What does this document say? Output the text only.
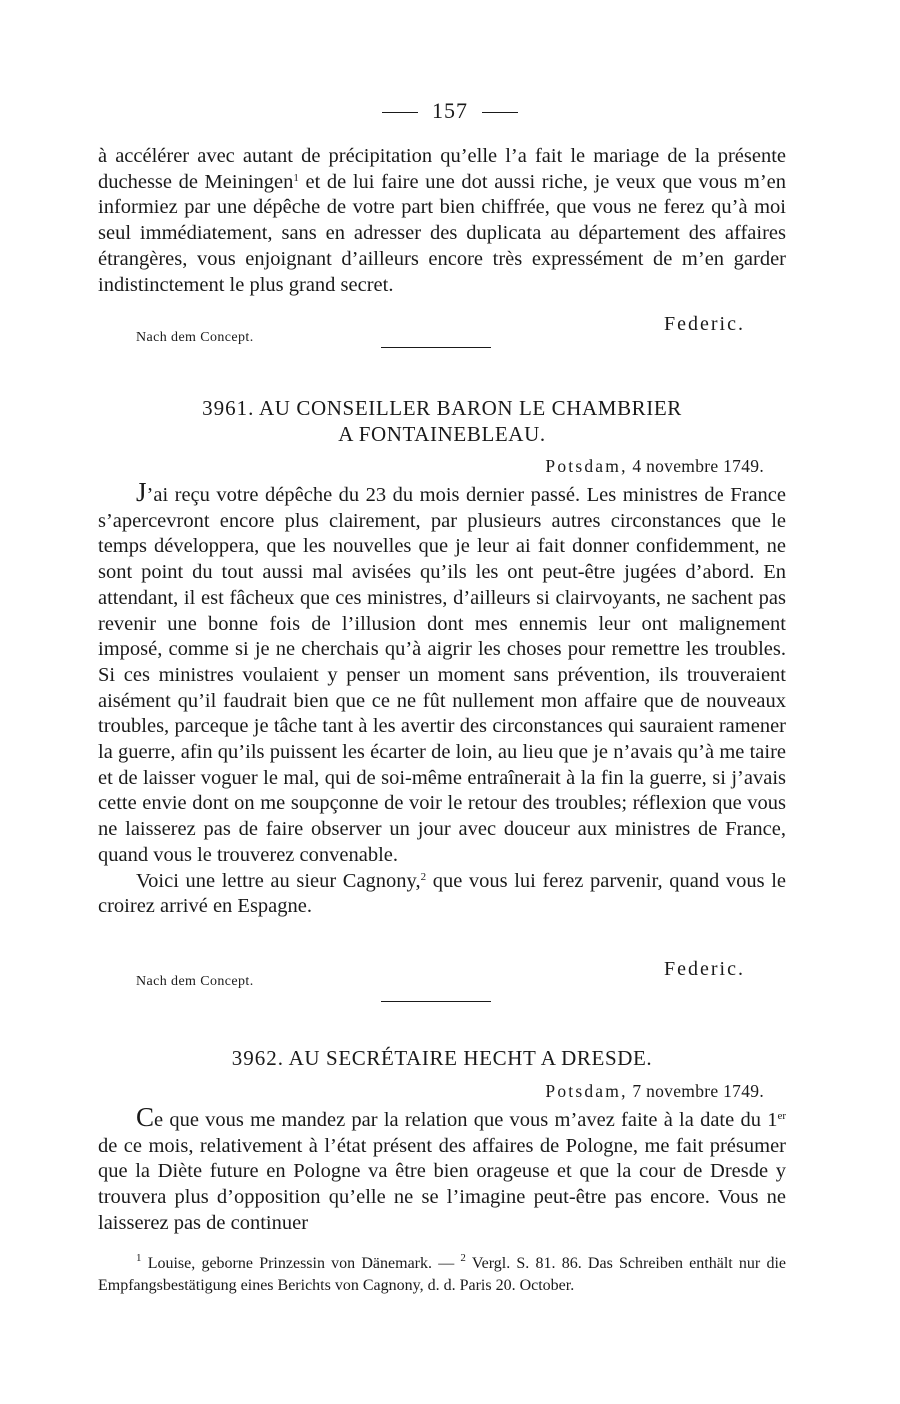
157

à accélérer avec autant de précipitation qu’elle l’a fait le mariage de la présente duchesse de Meiningen$^1$ et de lui faire une dot aussi riche, je veux que vous m’en informiez par une dépêche de votre part bien chiffrée, que vous ne ferez qu’à moi seul immédiatement, sans en adresser des duplicata au département des affaires étrangères, vous enjoignant d’ailleurs encore très expressément de m’en garder indistinctement le plus grand secret.

Federic.
Nach dem Concept.
3961. AU CONSEILLER BARON LE CHAMBRIER
A FONTAINEBLEAU.
Potsdam, 4 novembre 1749.

J’ai reçu votre dépêche du 23 du mois dernier passé. Les ministres de France s’apercevront encore plus clairement, par plusieurs autres circonstances que le temps développera, que les nouvelles que je leur ai fait donner confidemment, ne sont point du tout aussi mal avisées qu’ils les ont peut-être jugées d’abord. En attendant, il est fâcheux que ces ministres, d’ailleurs si clairvoyants, ne sachent pas revenir une bonne fois de l’illusion dont mes ennemis leur ont malignement imposé, comme si je ne cherchais qu’à aigrir les choses pour remettre les troubles. Si ces ministres voulaient y penser un moment sans prévention, ils trouveraient aisément qu’il faudrait bien que ce ne fût nullement mon affaire que de nouveaux troubles, parceque je tâche tant à les avertir des circonstances qui sauraient ramener la guerre, afin qu’ils puissent les écarter de loin, au lieu que je n’avais qu’à me taire et de laisser voguer le mal, qui de soi-même entraînerait à la fin la guerre, si j’avais cette envie dont on me soupçonne de voir le retour des troubles; réflexion que vous ne laisserez pas de faire observer un jour avec douceur aux ministres de France, quand vous le trouverez convenable.

Voici une lettre au sieur Cagnony,$^2$ que vous lui ferez parvenir, quand vous le croirez arrivé en Espagne.

Federic.
Nach dem Concept.
3962. AU SECRÉTAIRE HECHT A DRESDE.
Potsdam, 7 novembre 1749.

Ce que vous me mandez par la relation que vous m’avez faite à la date du 1er de ce mois, relativement à l’état présent des affaires de Pologne, me fait présumer que la Diète future en Pologne va être bien orageuse et que la cour de Dresde y trouvera plus d’opposition qu’elle ne se l’imagine peut-être pas encore. Vous ne laisserez pas de continuer

$^1$ Louise, geborne Prinzessin von Dänemark. — $^2$ Vergl. S. 81. 86. Das Schreiben enthält nur die Empfangsbestätigung eines Berichts von Cagnony, d. d. Paris 20. October.
